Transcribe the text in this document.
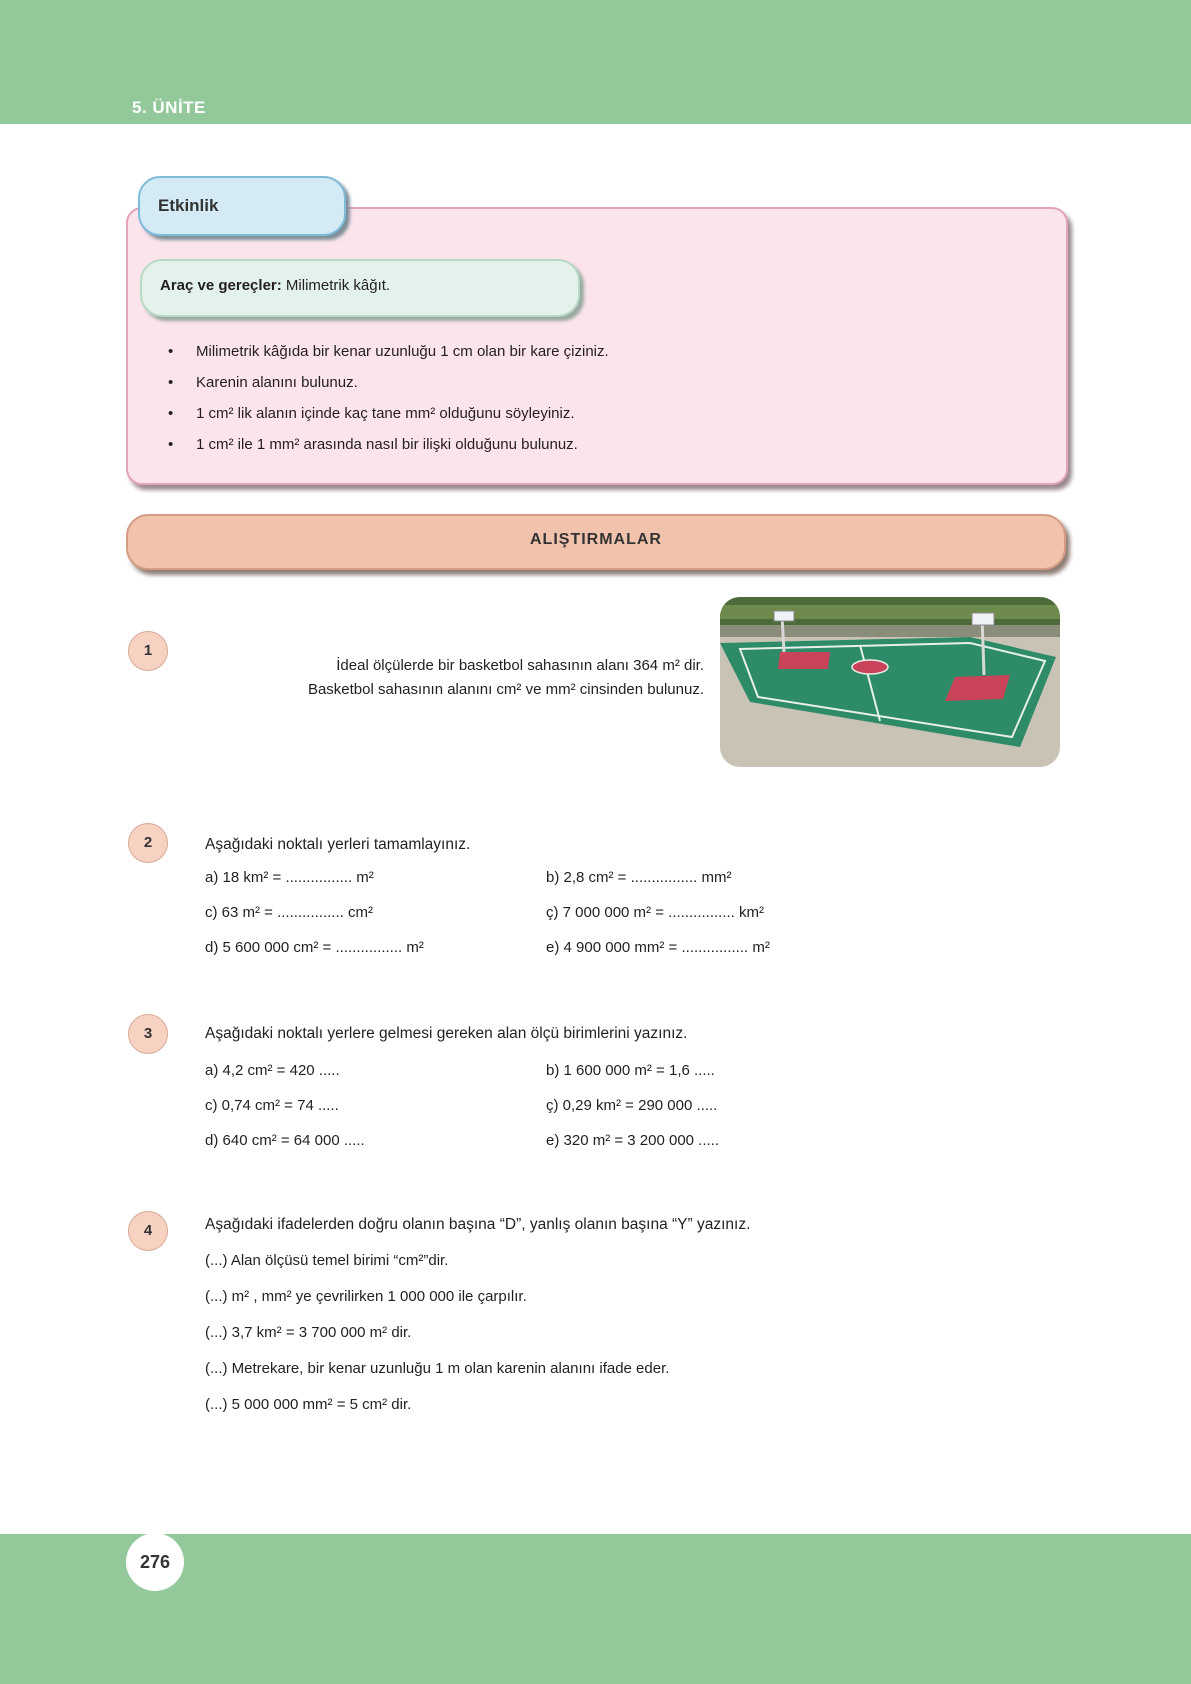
5. ÜNİTE
Etkinlik
Araç ve gereçler: Milimetrik kâğıt.
• Milimetrik kâğıda bir kenar uzunluğu 1 cm olan bir kare çiziniz.
• Karenin alanını bulunuz.
• 1 cm² lik alanın içinde kaç tane mm² olduğunu söyleyiniz.
• 1 cm² ile 1 mm² arasında nasıl bir ilişki olduğunu bulunuz.
ALIŞTIRMALAR
1
İdeal ölçülerde bir basketbol sahasının alanı 364 m² dir.
Basketbol sahasının alanını cm² ve mm² cinsinden bulunuz.
2	Aşağıdaki noktalı yerleri tamamlayınız.
a) 18 km² = ................ m²	b) 2,8 cm² = ................ mm²
c) 63 m² = ................ cm²	ç) 7 000 000 m² = ................ km²
d) 5 600 000 cm² = ................ m²	e) 4 900 000 mm² = ................ m²
3	Aşağıdaki noktalı yerlere gelmesi gereken alan ölçü birimlerini yazınız.
a) 4,2 cm² = 420 .....	b) 1 600 000 m² = 1,6 .....
c) 0,74 cm² = 74 .....	ç) 0,29 km² = 290 000 .....
d) 640 cm² = 64 000 .....	e) 320 m² = 3 200 000 .....
4	Aşağıdaki ifadelerden doğru olanın başına “D”, yanlış olanın başına “Y” yazınız.
(...) Alan ölçüsü temel birimi “cm²”dir.
(...) m² , mm² ye çevrilirken 1 000 000 ile çarpılır.
(...) 3,7 km² = 3 700 000 m² dir.
(...) Metrekare, bir kenar uzunluğu 1 m olan karenin alanını ifade eder.
(...) 5 000 000 mm² = 5 cm² dir.
276
